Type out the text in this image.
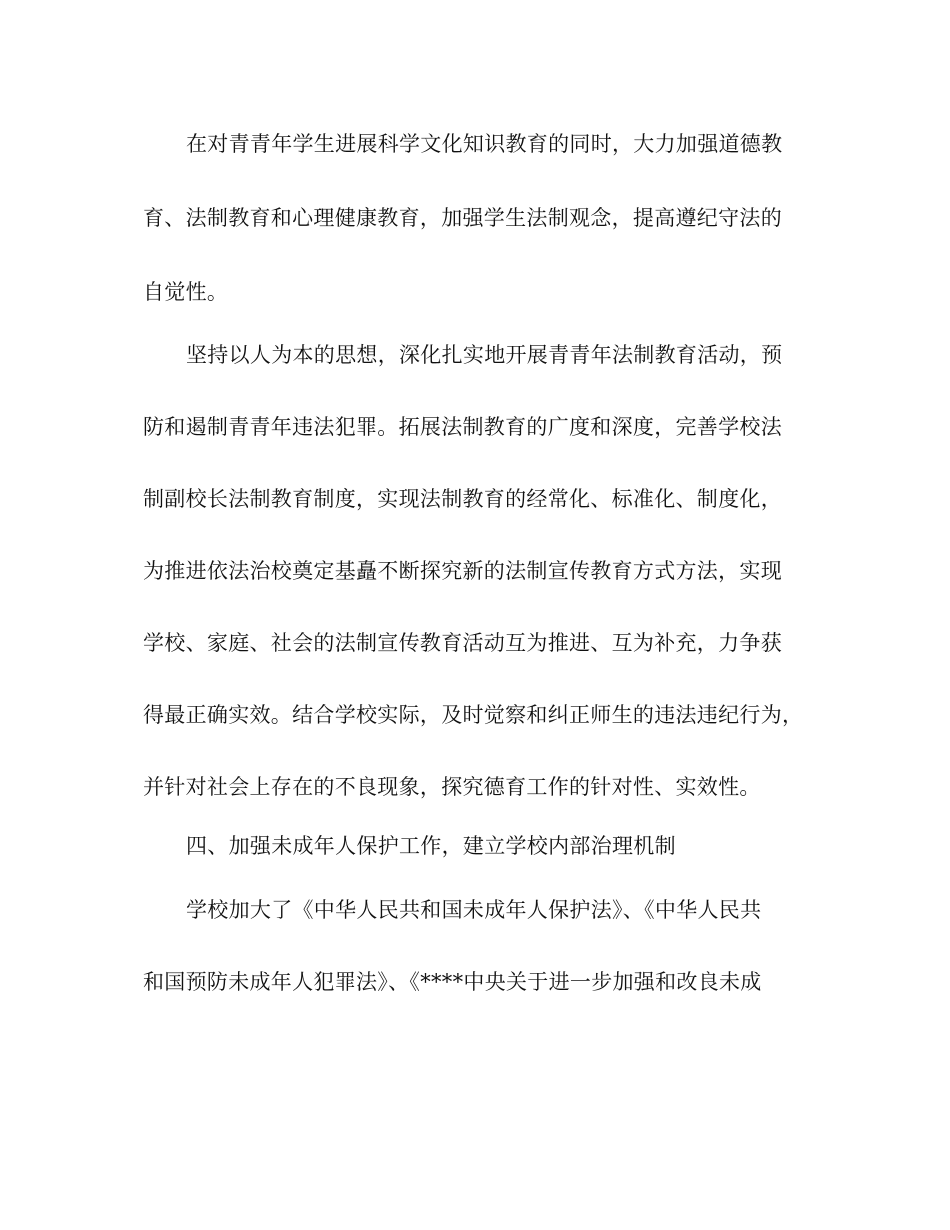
在对青青年学生进展科学文化知识教育的同时，大力加强道德教
育、法制教育和心理健康教育，加强学生法制观念，提高遵纪守法的
自觉性。
坚持以人为本的思想，深化扎实地开展青青年法制教育活动，预
防和遏制青青年违法犯罪。拓展法制教育的广度和深度，完善学校法
制副校长法制教育制度，实现法制教育的经常化、标准化、制度化，
为推进依法治校奠定基矗不断探究新的法制宣传教育方式方法，实现
学校、家庭、社会的法制宣传教育活动互为推进、互为补充，力争获
得最正确实效。结合学校实际，及时觉察和纠正师生的违法违纪行为，
并针对社会上存在的不良现象，探究德育工作的针对性、实效性。
四、加强未成年人保护工作，建立学校内部治理机制
学校加大了《中华人民共和国未成年人保护法》、《中华人民共
和国预防未成年人犯罪法》、《****中央关于进一步加强和改良未成
